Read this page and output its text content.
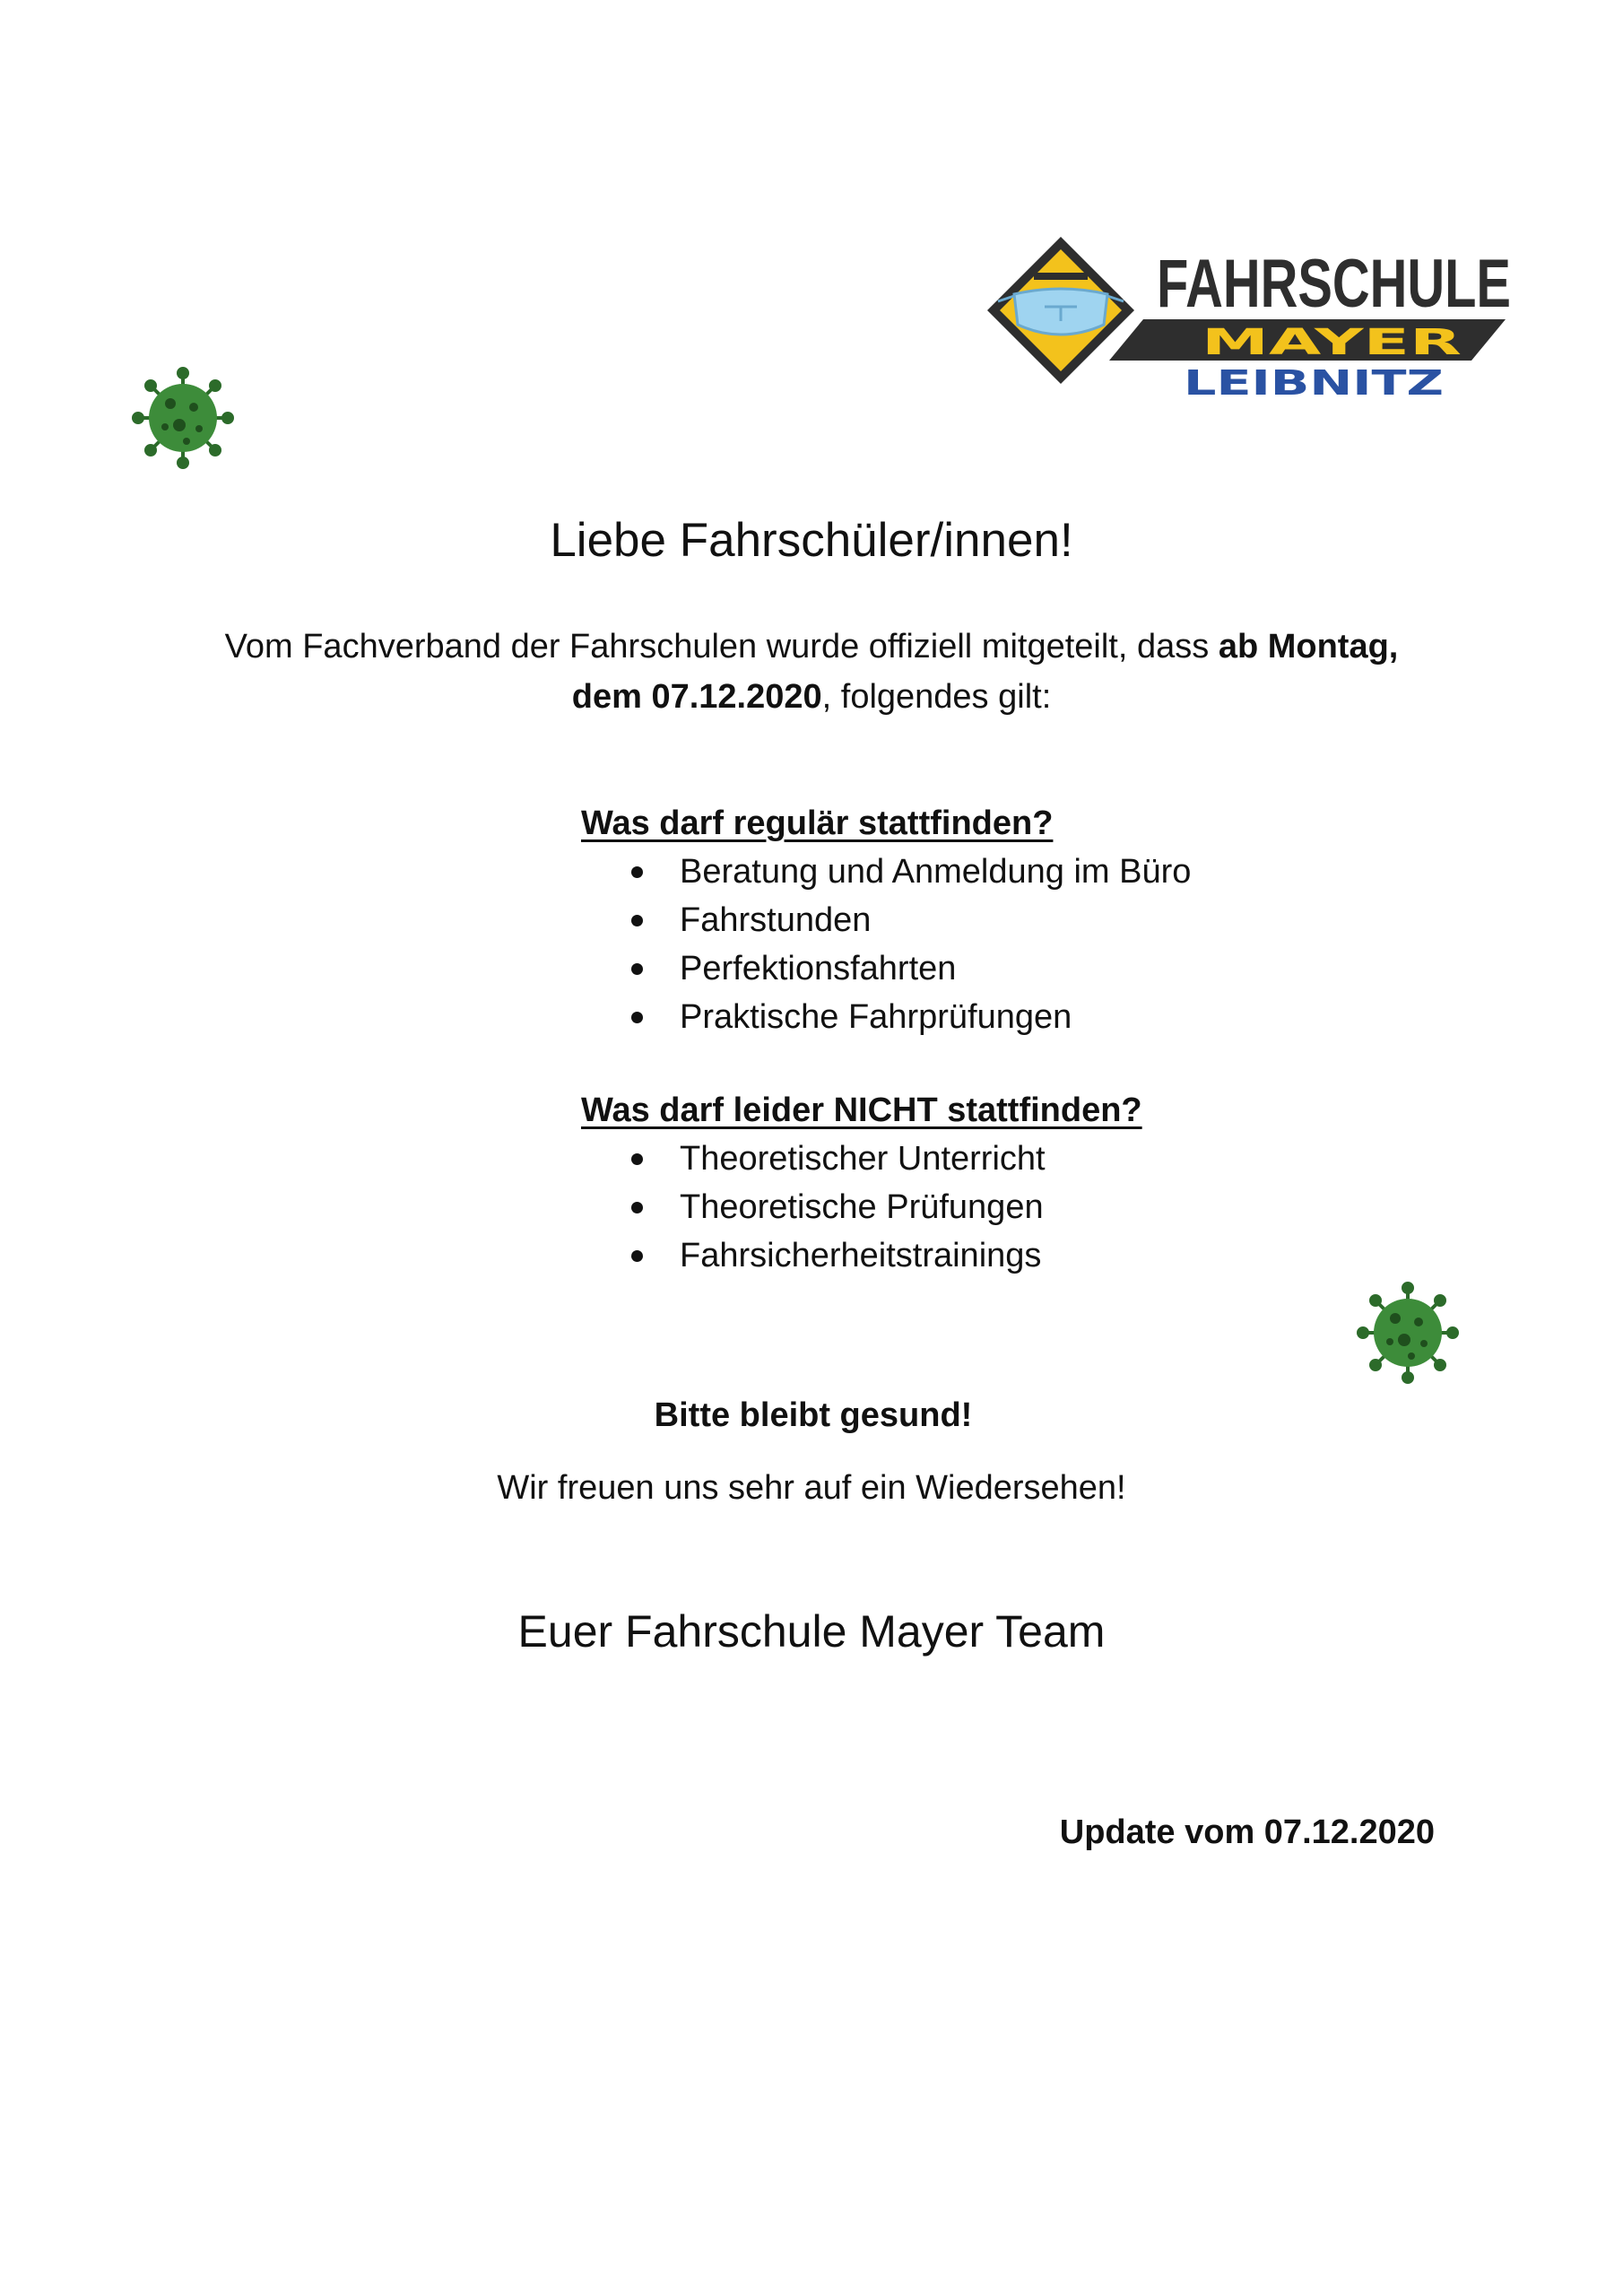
FAHRSCHULE
MAYER
LEIBNITZ
Liebe Fahrschüler/innen!
Vom Fachverband der Fahrschulen wurde offiziell mitgeteilt, dass ab Montag,
dem 07.12.2020, folgendes gilt:
Was darf regulär stattfinden?
Beratung und Anmeldung im Büro
Fahrstunden
Perfektionsfahrten
Praktische Fahrprüfungen
Was darf leider NICHT stattfinden?
Theoretischer Unterricht
Theoretische Prüfungen
Fahrsicherheitstrainings
Bitte bleibt gesund!
Wir freuen uns sehr auf ein Wiedersehen!
Euer Fahrschule Mayer Team
Update vom 07.12.2020
